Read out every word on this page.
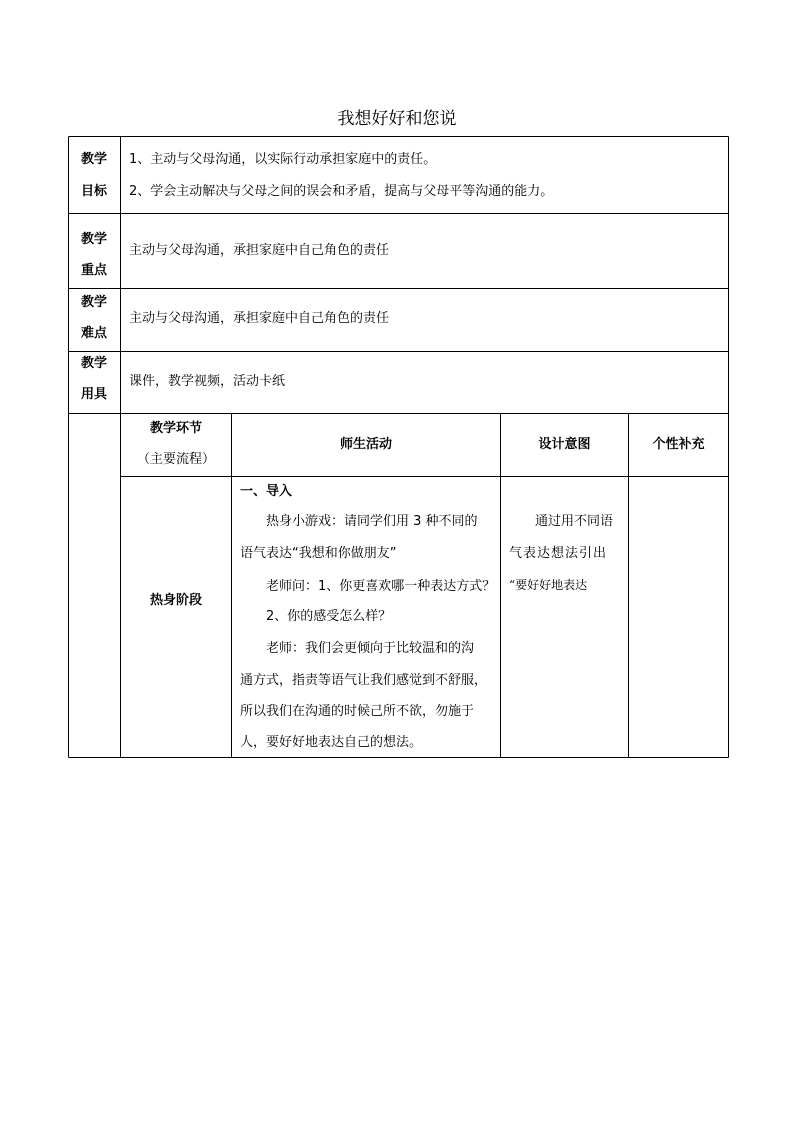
我想好好和您说
教学
目标
1、主动与父母沟通，以实际行动承担家庭中的责任。
2、学会主动解决与父母之间的误会和矛盾，提高与父母平等沟通的能力。
教学
重点
主动与父母沟通，承担家庭中自己角色的责任
教学
难点
主动与父母沟通，承担家庭中自己角色的责任
教学
用具
课件，教学视频，活动卡纸
教学环节
（主要流程）
师生活动	设计意图	个性补充
热身阶段
一、导入
热身小游戏：请同学们用 3 种不同的
语气表达“我想和你做朋友”
老师问：1、你更喜欢哪一种表达方式？
2、你的感受怎么样？
老师：我们会更倾向于比较温和的沟
通方式，指责等语气让我们感觉到不舒服，
所以我们在沟通的时候己所不欲，勿施于
人，要好好地表达自己的想法。
通过用不同语
气表达想法引出
“要好好地表达
